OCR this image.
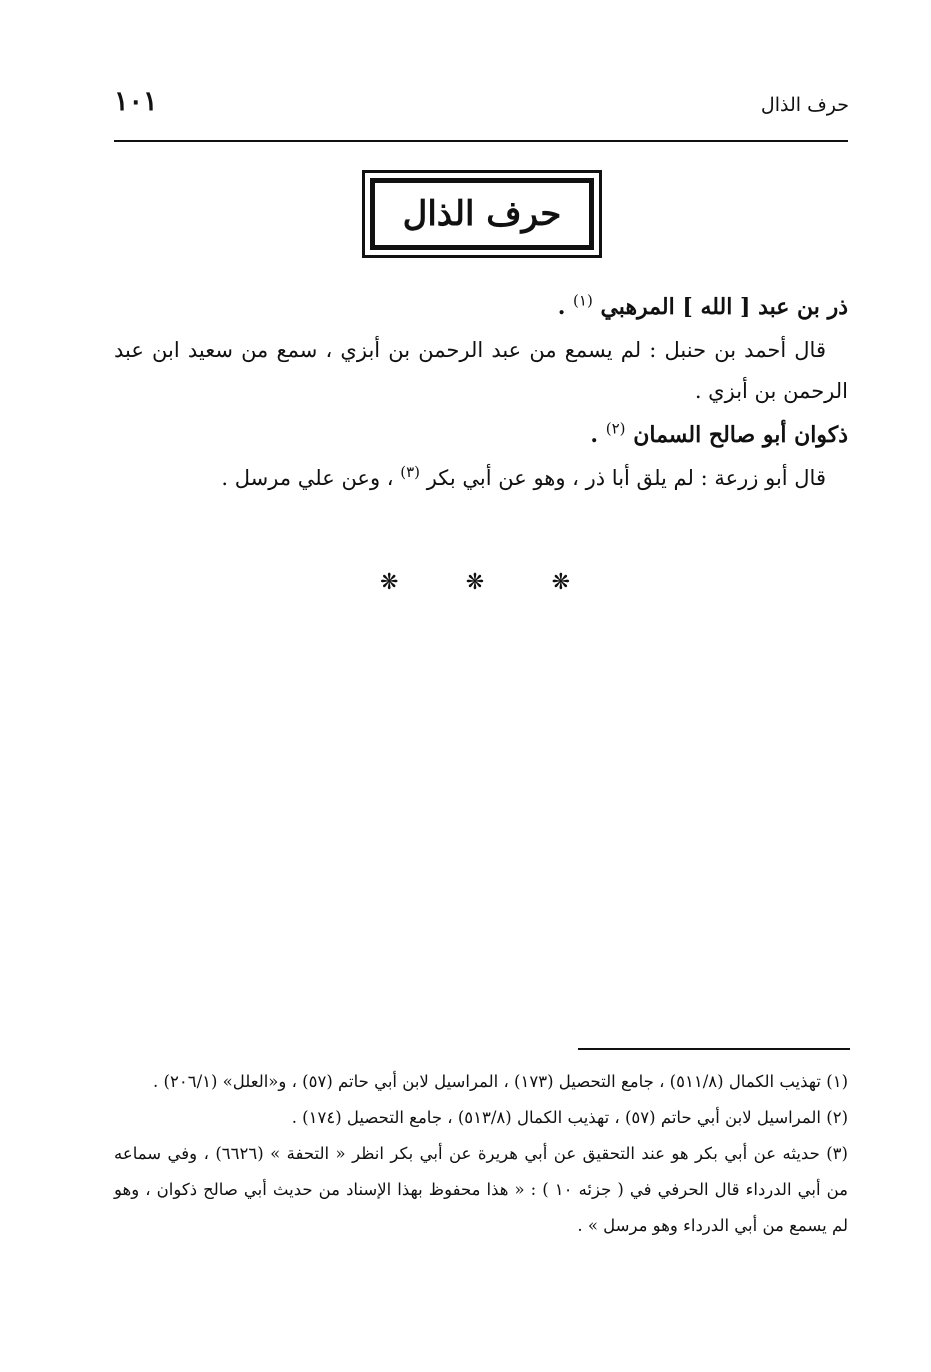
حرف الذال
١٠١
حرف الذال

ذر بن عبد [ الله ] المرهبي $^{(١)}$ .

قال أحمد بن حنبل : لم يسمع من عبد الرحمن بن أبزي ، سمع من سعيد ابن عبد الرحمن بن أبزي .

ذكوان أبو صالح السمان $^{(٢)}$ .

قال أبو زرعة : لم يلق أبا ذر ، وهو عن أبي بكر $^{(٣)}$ ، وعن علي مرسل .

❋	❋	❋

(١) تهذيب الكمال (٥١١/٨) ، جامع التحصيل (١٧٣) ، المراسيل لابن أبي حاتم (٥٧) ، و«العلل» (٢٠٦/١) .

(٢) المراسيل لابن أبي حاتم (٥٧) ، تهذيب الكمال (٥١٣/٨) ، جامع التحصيل (١٧٤) .

(٣) حديثه عن أبي بكر هو عند التحقيق عن أبي هريرة عن أبي بكر انظر « التحفة » (٦٦٢٦) ، وفي سماعه من أبي الدرداء قال الحرفي في ( جزئه ١٠ ) : « هذا محفوظ بهذا الإسناد من حديث أبي صالح ذكوان ، وهو لم يسمع من أبي الدرداء وهو مرسل » .
